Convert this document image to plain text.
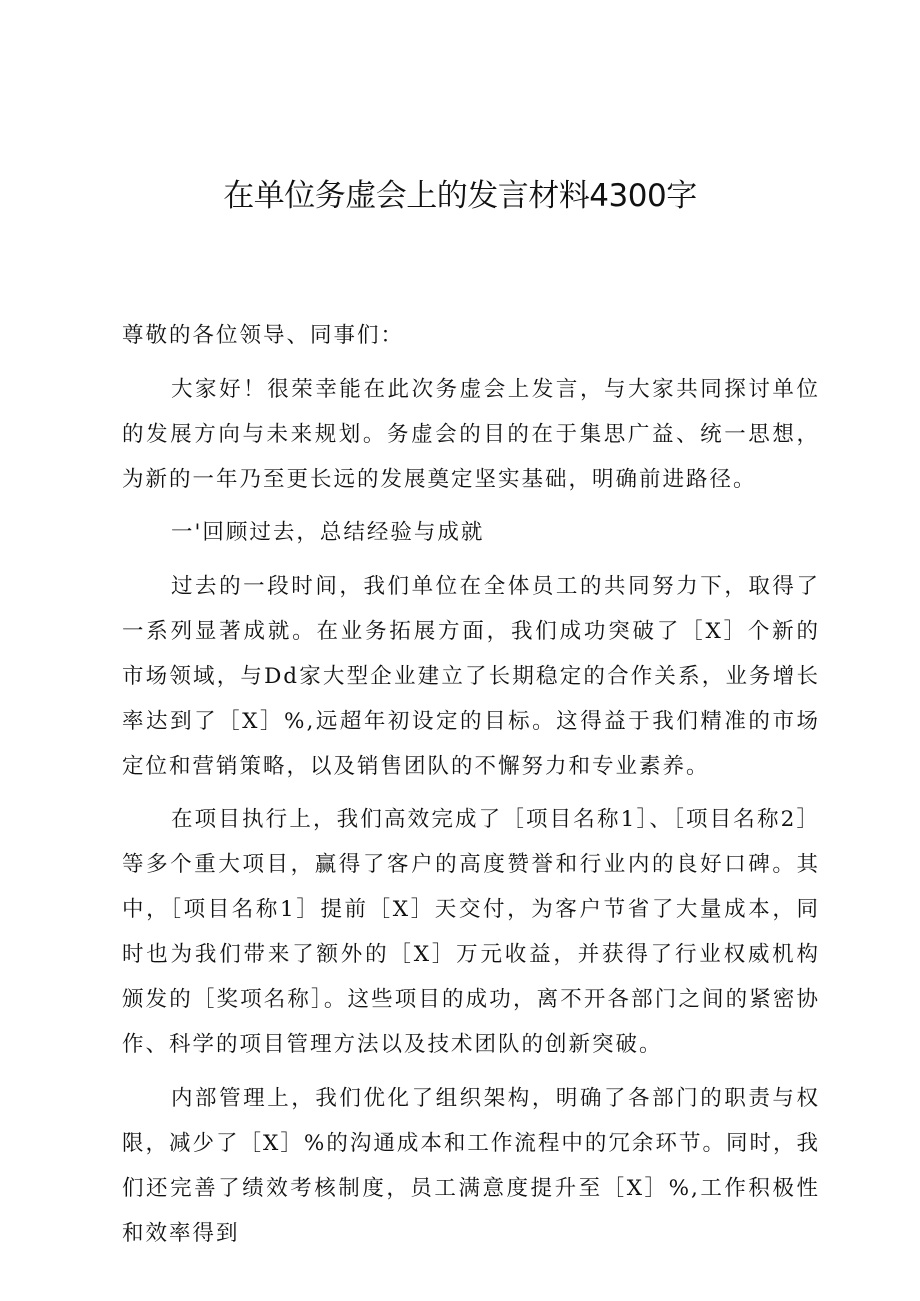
在单位务虚会上的发言材料4300字

尊敬的各位领导、同事们：

大家好！很荣幸能在此次务虚会上发言，与大家共同探讨单位的发展方向与未来规划。务虚会的目的在于集思广益、统一思想，为新的一年乃至更长远的发展奠定坚实基础，明确前进路径。

一'回顾过去，总结经验与成就

过去的一段时间，我们单位在全体员工的共同努力下，取得了一系列显著成就。在业务拓展方面，我们成功突破了［X］个新的市场领域，与Dd家大型企业建立了长期稳定的合作关系，业务增长率达到了［X］%,远超年初设定的目标。这得益于我们精准的市场定位和营销策略，以及销售团队的不懈努力和专业素养。

在项目执行上，我们高效完成了［项目名称1］、［项目名称2］等多个重大项目，赢得了客户的高度赞誉和行业内的良好口碑。其中，［项目名称1］提前［X］天交付，为客户节省了大量成本，同时也为我们带来了额外的［X］万元收益，并获得了行业权威机构颁发的［奖项名称］。这些项目的成功，离不开各部门之间的紧密协作、科学的项目管理方法以及技术团队的创新突破。

内部管理上，我们优化了组织架构，明确了各部门的职责与权限，减少了［X］%的沟通成本和工作流程中的冗余环节。同时，我们还完善了绩效考核制度，员工满意度提升至［X］%,工作积极性和效率得到
